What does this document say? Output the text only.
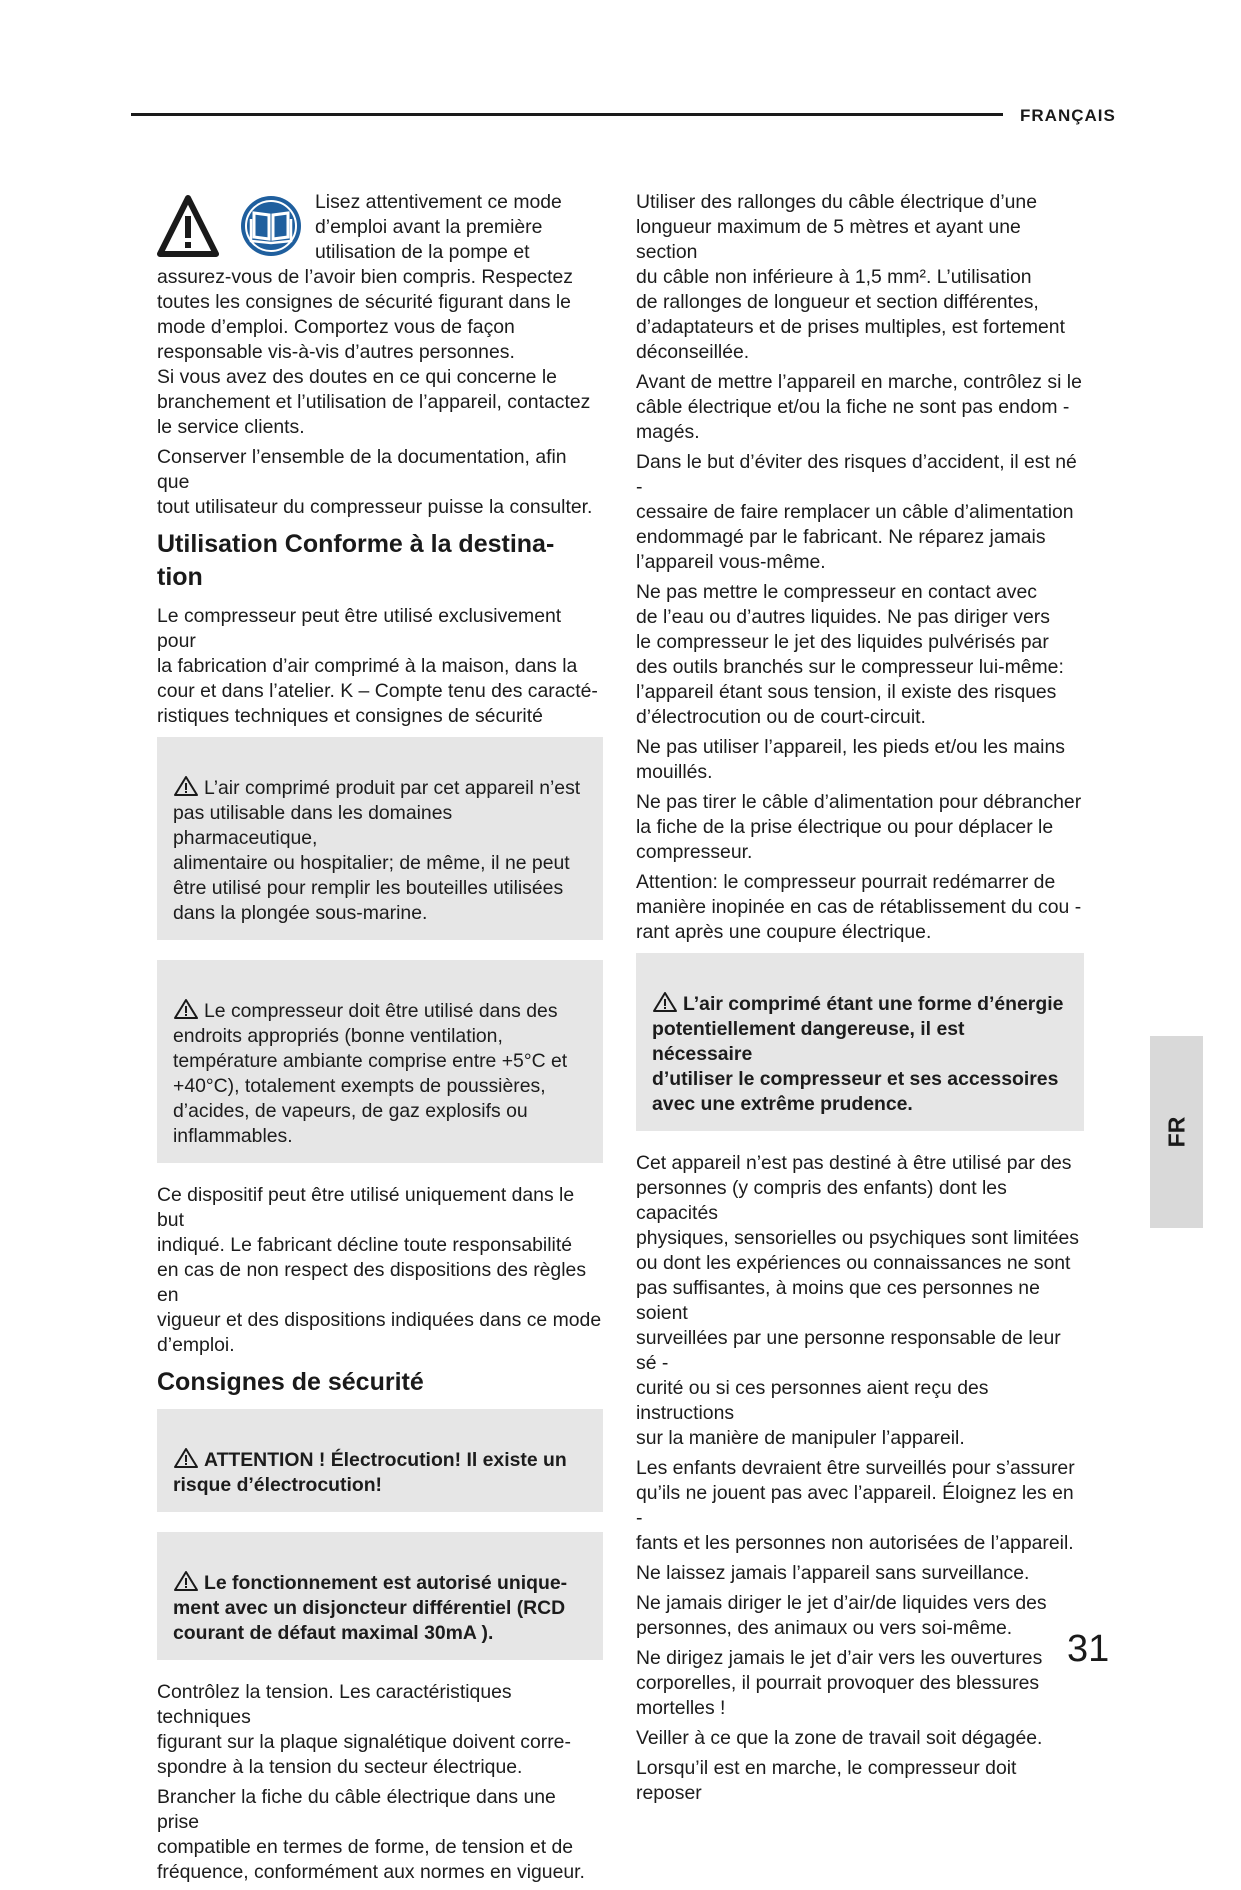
FRANÇAIS
Lisez attentivement ce mode
d’emploi avant la première
utilisation de la pompe et
assurez-vous de l’avoir bien compris. Respectez
toutes les consignes de sécurité figurant dans le
mode d’emploi. Comportez vous de façon
responsable vis-à-vis d’autres personnes.
Si vous avez des doutes en ce qui concerne le
branchement et l’utilisation de l’appareil, contactez
le service clients.
Conserver l’ensemble de la documentation, afin que
tout utilisateur du compresseur puisse la consulter.
Utilisation Conforme à la destina-
tion
Le compresseur peut être utilisé exclusivement pour
la fabrication d’air comprimé à la maison, dans la
cour et dans l’atelier. K – Compte tenu des caracté-
ristiques techniques et consignes de sécurité

L’air comprimé produit par cet appareil n’est
pas utilisable dans les domaines pharmaceutique,
alimentaire ou hospitalier; de même, il ne peut
être utilisé pour remplir les bouteilles utilisées
dans la plongée sous-marine.

Le compresseur doit être utilisé dans des
endroits appropriés (bonne ventilation,
température ambiante comprise entre +5°C et
+40°C), totalement exempts de poussières,
d’acides, de vapeurs, de gaz explosifs ou
inflammables.

Ce dispositif peut être utilisé uniquement dans le but
indiqué. Le fabricant décline toute responsabilité
en cas de non respect des dispositions des règles en
vigueur et des dispositions indiquées dans ce mode
d’emploi.
Consignes de sécurité

ATTENTION ! Électrocution! Il existe un
risque d’électrocution!

Le fonctionnement est autorisé unique-
ment avec un disjoncteur différentiel (RCD
courant de défaut maximal 30mA ).

Contrôlez la tension. Les caractéristiques techniques
figurant sur la plaque signalétique doivent corre-
spondre à la tension du secteur électrique.
Brancher la fiche du câble électrique dans une prise
compatible en termes de forme, de tension et de
fréquence, conformément aux normes en vigueur.
Utiliser des rallonges du câble électrique d’une
longueur maximum de 5 mètres et ayant une section
du câble non inférieure à 1,5 mm². L’utilisation
de rallonges de longueur et section différentes,
d’adaptateurs et de prises multiples, est fortement
déconseillée.
Avant de mettre l’appareil en marche, contrôlez si le
câble électrique et/ou la fiche ne sont pas endom -
magés.
Dans le but d’éviter des risques d’accident, il est né -
cessaire de faire remplacer un câble d’alimentation
endommagé par le fabricant. Ne réparez jamais
l’appareil vous-même.
Ne pas mettre le compresseur en contact avec
de l’eau ou d’autres liquides. Ne pas diriger vers
le compresseur le jet des liquides pulvérisés par
des outils branchés sur le compresseur lui-même:
l’appareil étant sous tension, il existe des risques
d’électrocution ou de court-circuit.
Ne pas utiliser l’appareil, les pieds et/ou les mains
mouillés.
Ne pas tirer le câble d’alimentation pour débrancher
la fiche de la prise électrique ou pour déplacer le
compresseur.
Attention: le compresseur pourrait redémarrer de
manière inopinée en cas de rétablissement du cou -
rant après une coupure électrique.

L’air comprimé étant une forme d’énergie
potentiellement dangereuse, il est nécessaire
d’utiliser le compresseur et ses accessoires
avec une extrême prudence.

Cet appareil n’est pas destiné à être utilisé par des
personnes (y compris des enfants) dont les capacités
physiques, sensorielles ou psychiques sont limitées
ou dont les expériences ou connaissances ne sont
pas suffisantes, à moins que ces personnes ne soient
surveillées par une personne responsable de leur sé -
curité ou si ces personnes aient reçu des instructions
sur la manière de manipuler l’appareil.
Les enfants devraient être surveillés pour s’assurer
qu’ils ne jouent pas avec l’appareil. Éloignez les en -
fants et les personnes non autorisées de l’appareil.
Ne laissez jamais l’appareil sans surveillance.
Ne jamais diriger le jet d’air/de liquides vers des
personnes, des animaux ou vers soi-même.
Ne dirigez jamais le jet d’air vers les ouvertures
corporelles, il pourrait provoquer des blessures
mortelles !
Veiller à ce que la zone de travail soit dégagée.
Lorsqu’il est en marche, le compresseur doit reposer
FR
31
